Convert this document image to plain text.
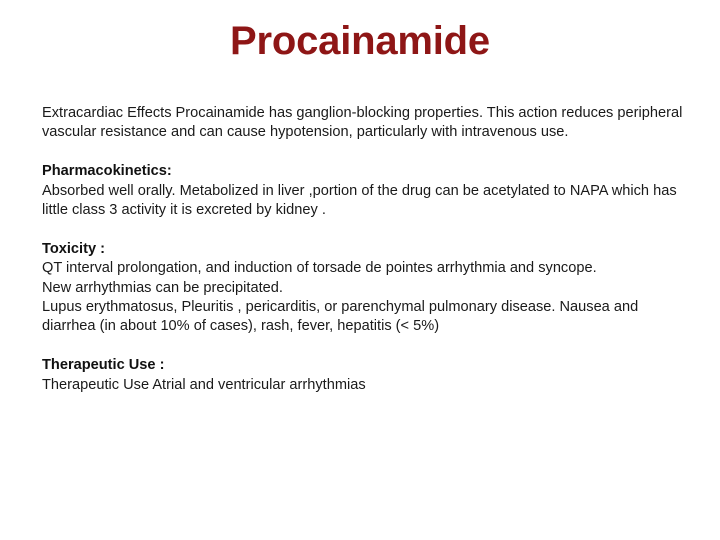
Procainamide

Extracardiac Effects Procainamide has ganglion-blocking properties. This action reduces peripheral vascular resistance and can cause hypotension, particularly with intravenous use.

Pharmacokinetics:

Absorbed well orally. Metabolized in liver ,portion of the drug can be acetylated to NAPA which has little class 3 activity it is excreted by kidney .

Toxicity :

QT interval prolongation, and induction of torsade de pointes arrhythmia and syncope.

New arrhythmias can be precipitated.

Lupus erythmatosus, Pleuritis , pericarditis, or parenchymal pulmonary disease. Nausea and diarrhea (in about 10% of cases), rash, fever, hepatitis (< 5%)

Therapeutic Use :

Therapeutic Use Atrial and ventricular arrhythmias
